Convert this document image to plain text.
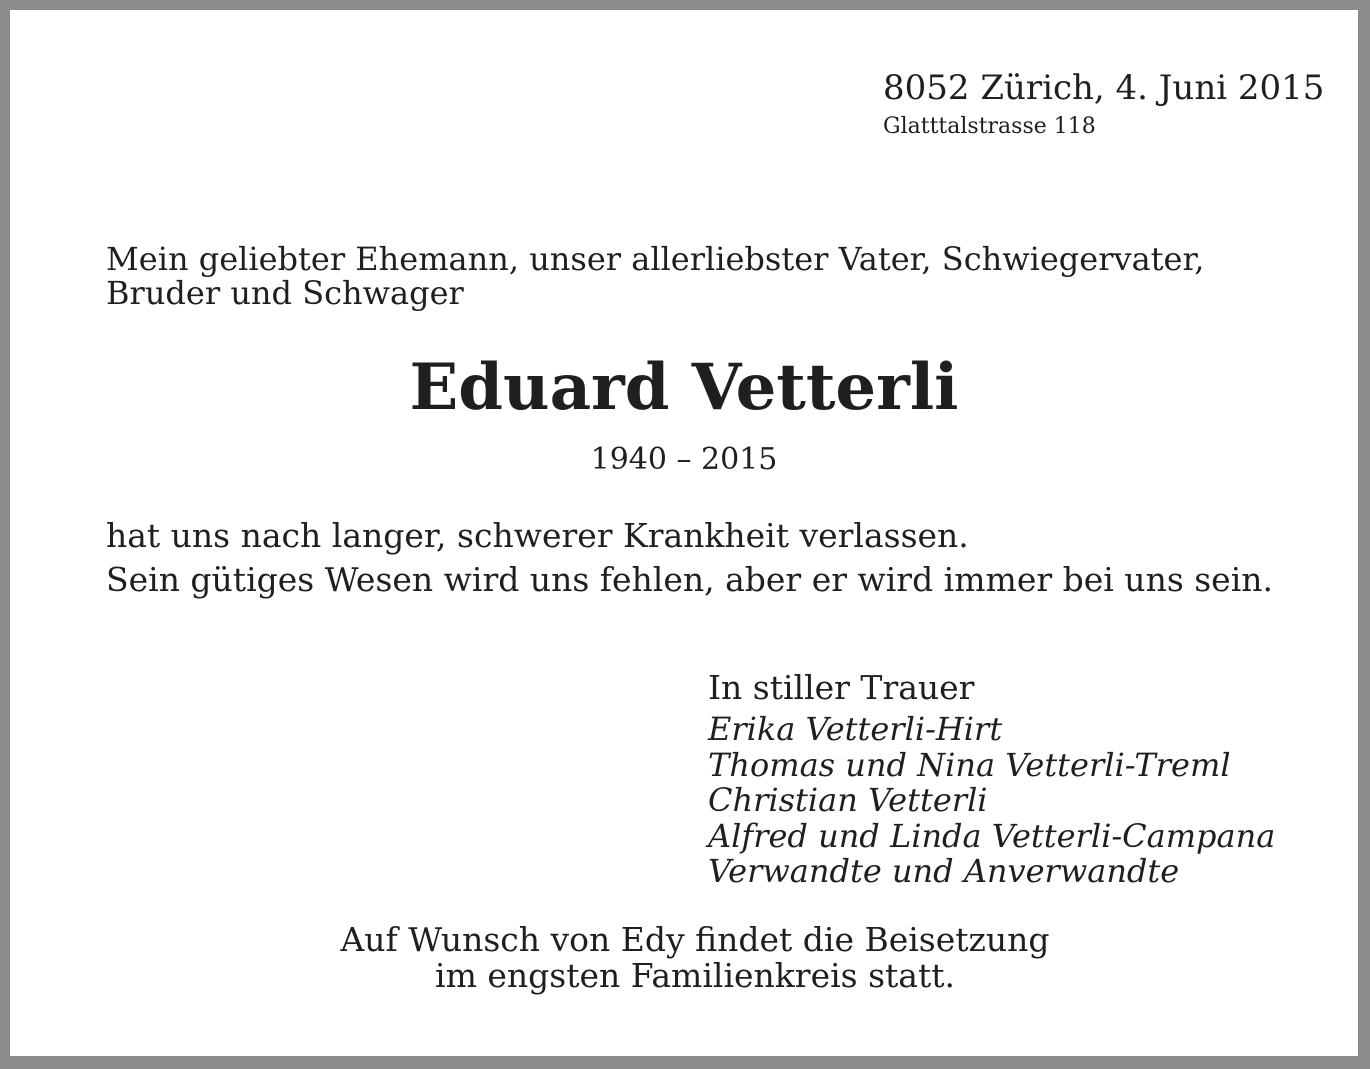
8052 Zürich, 4. Juni 2015

Glatttalstrasse 118

Mein geliebter Ehemann, unser allerliebster Vater, Schwiegervater,
Bruder und Schwager

Eduard Vetterli

1940 – 2015

hat uns nach langer, schwerer Krankheit verlassen.
Sein gütiges Wesen wird uns fehlen, aber er wird immer bei uns sein.

In stiller Trauer

Erika Vetterli-Hirt
Thomas und Nina Vetterli-Treml
Christian Vetterli
Alfred und Linda Vetterli-Campana
Verwandte und Anverwandte

Auf Wunsch von Edy findet die Beisetzung
im engsten Familienkreis statt.
